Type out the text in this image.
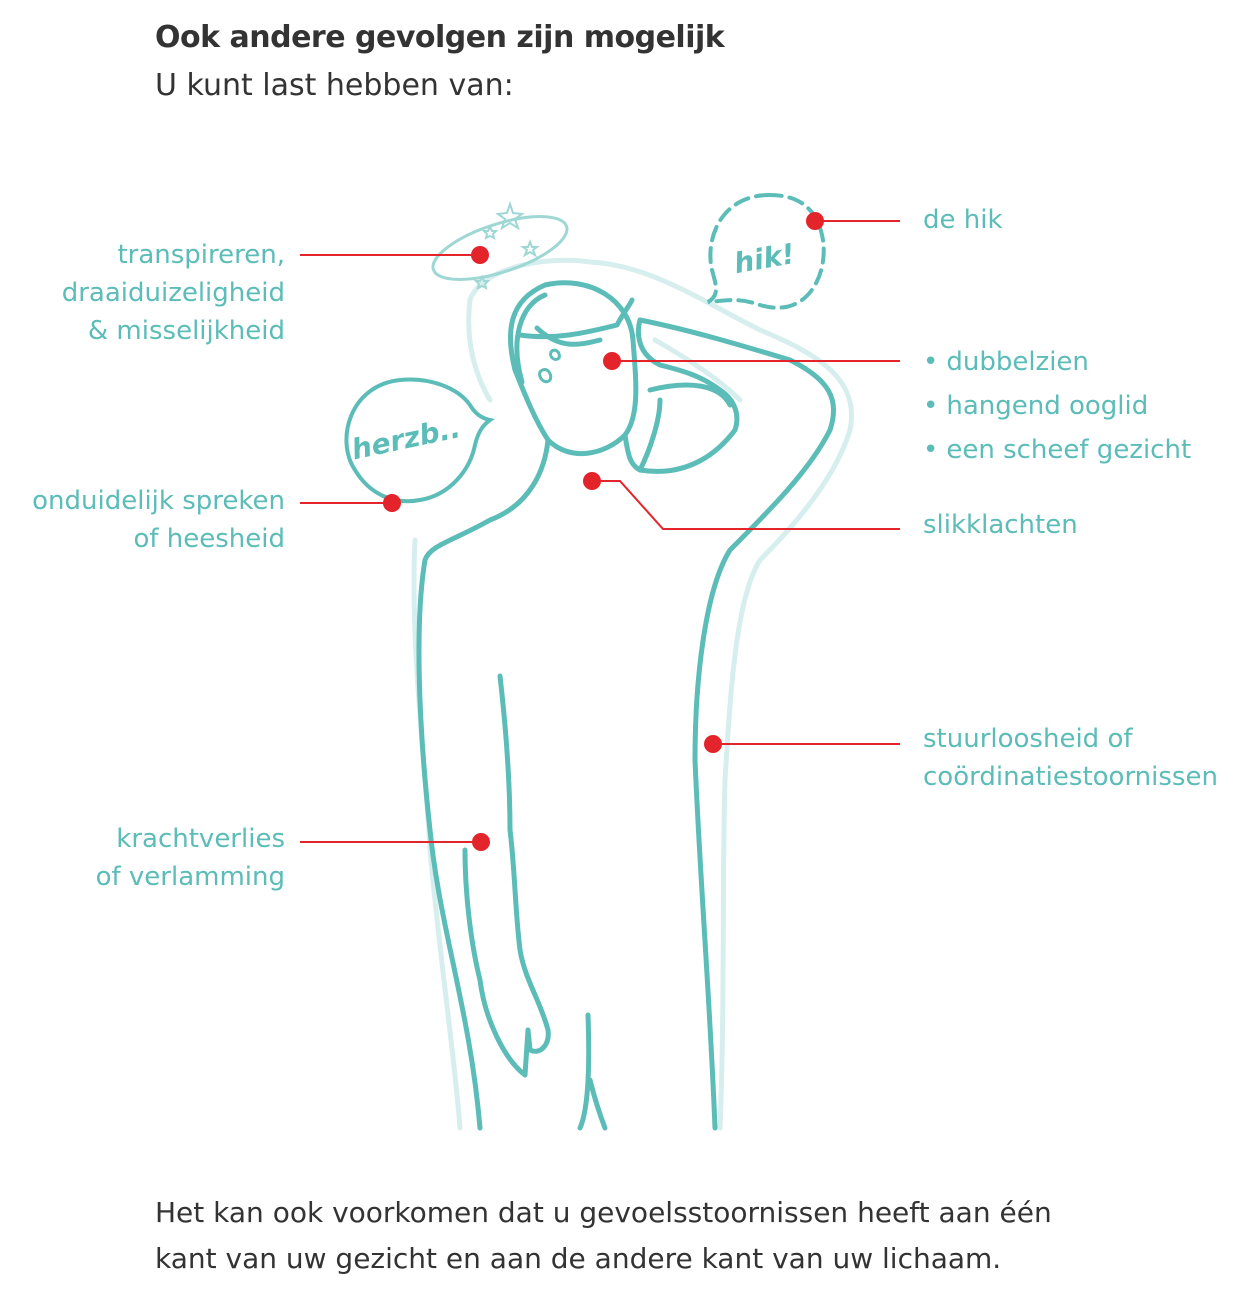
Ook andere gevolgen zijn mogelijk
U kunt last hebben van:
hik!
herzb..
transpireren,
draaiduizeligheid
& misselijkheid
onduidelijk spreken
of heesheid
krachtverlies
of verlamming
de hik
• dubbelzien
• hangend ooglid
• een scheef gezicht
slikklachten
stuurloosheid of
coördinatiestoornissen
Het kan ook voorkomen dat u gevoelsstoornissen heeft aan één
kant van uw gezicht en aan de andere kant van uw lichaam.
